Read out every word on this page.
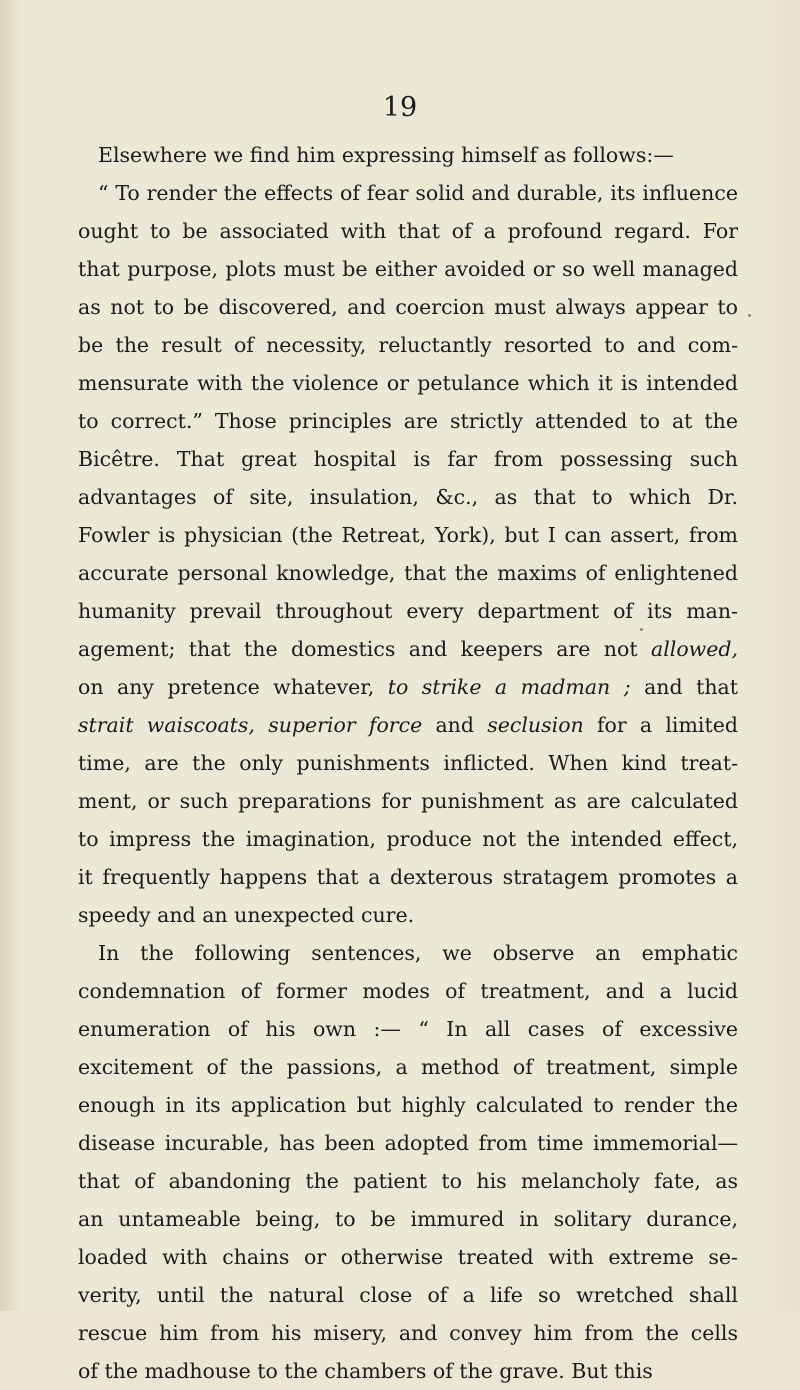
19
Elsewhere we find him expressing himself as follows:—
“ To render the effects of fear solid and durable, its influence
ought to be associated with that of a profound regard. For
that purpose, plots must be either avoided or so well managed
as not to be discovered, and coercion must always appear to
be the result of necessity, reluctantly resorted to and com-
mensurate with the violence or petulance which it is intended
to correct.” Those principles are strictly attended to at the
Bicêtre. That great hospital is far from possessing such
advantages of site, insulation, &c., as that to which Dr.
Fowler is physician (the Retreat, York), but I can assert, from
accurate personal knowledge, that the maxims of enlightened
humanity prevail throughout every department of its man-
agement; that the domestics and keepers are not allowed,
on any pretence whatever, to strike a madman ; and that
strait waiscoats, superior force and seclusion for a limited
time, are the only punishments inflicted. When kind treat-
ment, or such preparations for punishment as are calculated
to impress the imagination, produce not the intended effect,
it frequently happens that a dexterous stratagem promotes a
speedy and an unexpected cure.
In the following sentences, we observe an emphatic
condemnation of former modes of treatment, and a lucid
enumeration of his own :— “ In all cases of excessive
excitement of the passions, a method of treatment, simple
enough in its application but highly calculated to render the
disease incurable, has been adopted from time immemorial—
that of abandoning the patient to his melancholy fate, as
an untameable being, to be immured in solitary durance,
loaded with chains or otherwise treated with extreme se-
verity, until the natural close of a life so wretched shall
rescue him from his misery, and convey him from the cells
of the madhouse to the chambers of the grave. But this
